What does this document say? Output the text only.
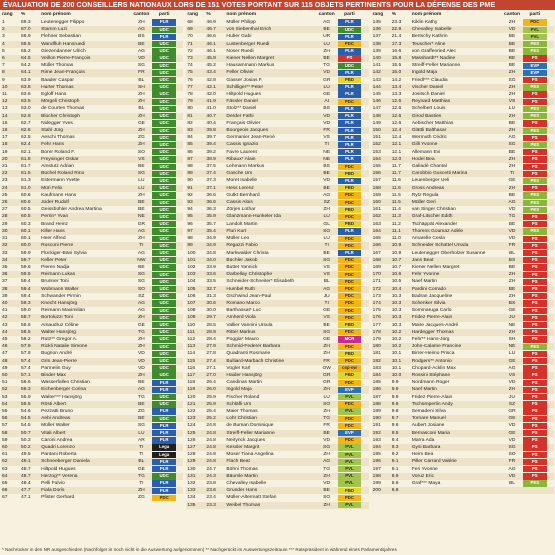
ÉVALUATION DE 200 CONSEILLERS NATIONAUX LORS DE 151 VOTES PORTANT SUR 115 OBJETS PERTINENTS POUR LA DÉFENSE DES PME
rang	%	nom prénom	canton	parti
1	69.3	Leutenegger Filippo	ZH	PLR
2	67.0	Stamm Luzi	AG	UDC
3	66.9	Flehner Sebastian	BS	PLR
4	65.5	Wandfluh Hansruedi	BE	UDC
5	65.2	Giezendanner Ulrich	AG	UDC
6	64.5	Veillon Pierre-François	VD	UDC
7	64.2	Müller Thomas	SG	UDC
8	64.1	Rime Jean-François	FR	UDC
9	63.9	Baader Caspar	BL	UDC
10	63.8	Hurter Thomas	SH	UDC
11	63.6	Egloff Hans	ZH	UDC
12	63.5	Mörgeli Christoph	ZH	UDC
13	63.0	de Courten Thomas	BL	UDC
14	62.8	Blocher Christoph	ZH	UDC
15	62.7	Nidegger Yves	GE	UDC
16	62.6	Stahl Jürg	ZH	UDC
17	62.5	Aeschi Thomas	ZG	UDC
18	62.4	Fehr Hans	ZH	UDC
19	62.1	Borer Roland F.	SO	UDC
20	61.8	Freysinger Oskar	VS	UDC
21	61.7	Amstutz Adrian	BE	UDC
22	61.5	Büchel Roland Rino	SG	UDC
23	61.3	Estermann Yvette	LU	UDC
24	61.0	Müri Felix	LU	UDC
25	60.6	Kaufmann Hans	ZH	UDC
26	60.6	Joder Rudolf	BE	UDC
27	60.5	Geissbühler Andrea Martina	BE	UDC
28	60.5	Perrin* Yvan	NE	UDC
29	60.3	Brand Heinz	GR	UDC
30	60.1	Killer Hans	AG	UDC
31	60.1	Heer Alfred	ZH	UDC
32	60.0	Rusconi Pierre	TI	UDC
33	59.9	Flückiger-Bäni Sylvia	AG	UDC
34	59.7	Keller Peter	NW	UDC
35	59.6	Pieren Nadja	BE	UDC
36	59.5	Reimann Lukas	SG	UDC
37	59.4	Brunner Toni	SG	UDC
38	59.4	Wobmann Walter	SO	UDC
39	59.4	Schwander Pirmin	SZ	UDC
40	59.3	Knecht Hansjörg	AG	UDC
41	59.0	Reimann Maximilian	AG	UDC
42	58.7	Bortoluzzi Toni	ZH	UDC
43	58.6	Amaudruz Céline	GE	UDC
44	58.5	Walter Hansjörg	TG	UDC
45	58.2	Rutz** Gregor A.	ZH	UDC
46	57.9	Rickli Natalie Simone	ZH	UDC
47	57.8	Bugnon André	VD	UDC
48	57.4	Grin Jean-Pierre	VD	UDC
49	57.4	Parmelin Guy	VD	UDC
50	57.1	Binder Max	ZH	UDC
51	56.6	Wasserfallen Christian	BE	PLR
52	56.3	Eichenberger Corina	AG	PLR
53	55.9	Walter*** Hansjörg	TG	UDC
54	55.5	Rösti Albert	BE	UDC
55	54.6	Pezzatti Bruno	ZG	PLR
56	54.5	Aebi Andreas	BE	UDC
57	54.5	Müller Walter	SG	PLR
58	50.7	Vitali Albert	LU	PLR
59	50.3	Caroni Andrea	AR	PLR
60	50.2	Quadri Lorenzo	TI	Lega
61	49.5	Pantani Roberta	TI	Lega
62	49.1	Schneeberger Daniela	BL	PLR
63	48.7	Hiltpold Hugues	GE	PLR
64	48.7	Herzog** Verena	TG	UDC
65	48.4	Pelli Fulvio	TI	PLR
66	47.7	Fiala Doris	ZH	PLR
67	47.1	Pfister Gerhard	ZG	PDC
rang	%	nom prénom	canton	parti
68	46.9	Müller Philipp	AG	PLR
69	46.7	von Siebenthal Erich	BE	UDC
70	46.6	Huber Gabi	UR	PLR
71	46.1	Lustenberger Ruedi	LU	PDC
72	46.1	Noser Ruedi	ZH	PLR
73	45.9	Kiener Nellen Margret	BE	PS
74	45.2	Hausammann Markus	TG	UDC
75	43.4	Feller Olivier	VD	PLR
76	42.8	Gasser Josias F.	GR	PBD
77	42.1	Schilliger** Peter	LU	PLR
78	42.0	Hiltpold Hugues	GE	PLR
79	41.9	Fässler Daniel	AI	PDC
80	41.0	Stolz** Daniel	BS	PLR
81	40.7	Derder Fathi	VD	PLR
82	40.4	Français Olivier	VD	PLR
83	39.8	Bourgeois Jacques	FR	PLR
84	39.7	Germanier Jean-René	VS	PLR
85	39.4	Cassis Ignazio	TI	PLR
86	39.2	Favre Laurent	NE	PLR
87	38.9	Ribaux* Alain	NE	PLR
88	37.5	Lehmann Markus	BS	PDC
89	37.4	Gasche Urs	BE	PBD
90	37.3	Moret Isabelle	VD	PLR
91	37.1	Hess Lorenz	BE	PBD
92	36.6	Gutkt Bernhard	AG	PDC
93	36.6	Cassis Alois	SZ	PDC
94	36.3	Zörjen Lothar	ZH	PBD
95	35.9	Glanzmann-Hunkeler Ida	LU	PDC
96	35.7	Landolt Martin	GL	PBD
97	35.4	Fluri Kurt	SO	PLR
98	34.9	Müller Leo	LU	PDC
99	34.9	Regazzi Fabio	TI	PDC
100	34.8	Markwalder Christa	BE	PLR
101	34.0	Büchler Jakob	SG	PDC
102	33.9	Buttet Yannick	VS	PDC
103	33.6	Darbellay Christophe	VS	PDC
104	33.5	Schneider-Schneiter* Elisabeth	BL	PDC
105	32.7	Humbel Ruth	AG	PDC
106	31.3	Gschwind Jean-Paul	JU	PDC
107	30.6	Romano Marco	TI	PDC
108	30.0	Barthassat* Luc	GE	PDC
109	29.7	Amherd Viola	VS	PDC
110	28.5	Vallier Vannini Ursula	BE	PBD
111	28.9	Ritter Markus	SG	PDC
112	28.4	Poggia* Mauro	GE	MCR
113	27.9	Schmid-Federer Barbara	ZH	PDC
114	27.8	Quadranti Rosmarie	ZH	PBD
115	27.4	Bulliard-Marbach Christine	FR	PDC
116	27.1	Vogler Karl	OW	csp-ow
117	27.0	Haider Hansjörg	GR	PBD
118	26.4	Candinas Martin	GR	PDC
119	26.0	Ingold Maja	ZH	EVP
120	25.9	Fischer Roland	LU	PVL
121	25.9	Schläfli Urs	SO	PDC
122	25.4	Maier Thomas	ZH	PVL
123	25.2	Lohr Christian	TG	PDC
124	24.8	de Buman Dominique	FR	PDC
125	24.8	Streiff-Feller Marianne	BE	EVP
126	24.8	Neirynck Jacques	VD	PDC
127	24.8	Kessler Margrit	SG	PVL
128	24.8	Moser Tiana Angelina	ZH	PVL
129	24.8	Flach Beat	AG	PVL
130	24.7	Böhni Thomas	TG	PVL
131	24.3	Bäumle Martin	ZH	PVL
132	23.8	Chevalley Isabelle	VD	PVL
133	23.6	Grunder Hans	BE	PBD
134	23.4	Müller-Altermatt Stefan	SO	PDC
135	23.3	Weibel Thomas	ZH	PVL
rang	%	nom prénom	canton	parti
135	23.3	Kiklin Kathy	ZH	PDC
136	22.9	Chevalley Isabelle	VD	PVL
137	21.4	Bertschy Kathrin	BE	PVL
138	17.3	Teuscher* Aline	BE	PES
139	16.6	von Graffenried Alec	BE	PES
140	15.8	Masshardt** Nadine	BE	PS
141	15.5	Streiff-Feller Marianne	BE	EVP
142	15.0	Ingold Maja	ZH	EVP
143	14.2	Friedl*** Claudia	SG	PS
144	13.4	Vischer Daniel	ZH	PES
145	13.3	Jositsch Daniel	ZH	PS
146	12.6	Reynard Matthias	VS	PS
147	12.6	Schelbert Louis	LU	PES
148	12.6	Girod Bastien	ZH	PES
149	12.6	Aebischer Matthias	BE	PS
150	12.4	Glättli Balthasar	ZH	PES
151	12.4	Wermuth Cédric	AG	PS
152	12.1	Gilli Yvonne	SG	PES
153	12.1	Allemann Evi	BE	PS
154	12.0	Hodel Bea	ZH	PS
155	11.7	Galladé Chantal	ZH	PS
156	11.7	Carobbio Guscetti Marina	TI	PS
157	11.6	Leuenberger Ueli	GE	PES
158	11.6	Gross Andreas	ZH	PS
159	11.5	Rytz Regula	BE	PES
160	11.5	Müller Geri	AG	PES
161	11.4	van Singer Christian	VD	PES
162	11.3	Graf-Litscher Edith	TG	PS
163	11.2	Tschäppät Alexander	BE	PS
164	11.1	Thorens Goumaz Adèle	VD	PES
165	11.0	Amarelle Cesla	VD	PS
166	10.9	Schneider Schüttel Ursula	FR	PS
167	10.9	Leutenegger Oberholzer Susanne	BL	PS
168	10.7	Jans Beat	BS	PS
169	10.7	Kiener Nellen Margret	BE	PS
170	10.6	Fehr Yvonne	ZH	PS
171	10.5	Naef Martin	ZH	PS
172	10.4	Pardini Corrado	BE	PS
173	10.3	Badran Jacqueline	ZH	PS
174	10.3	Schenker Silvia	BS	PS
175	10.3	Sommaruga Carlo	GE	PS
176	10.3	Fridez Pierre-Alain	JU	PS
177	10.3	Maire Jacques-André	NE	PS
178	10.2	Hardegger Thomas	ZH	PS
179	10.2	Fehr** Hans-Jürg	SH	PS
180	10.2	John-Calame Francine	NE	PES
181	10.1	Birrer-Heimo Prisca	LU	PS
182	10.1	Rodgers** Antonio	GE	PS
183	10.1	Chopard-Acklin Max	AG	PS
184	10.0	Rossini Stéphane	VS	PS
185	9.9	Nordmann Roger	VD	PS
186	9.9	Naef Martin	ZH	PS
187	9.9	Fridez Pierre-Alain	JU	PS
188	9.8	Tschümperlin Andy	SZ	PS
189	9.8	Semadeni Silva	GR	PS
190	9.7	Tornare Manuel	GE	PS
191	9.6	Aubert Josiane	VD	PS
192	9.5	Bernasconi Maria	GE	PS
193	9.4	Marra Ada	VD	PS
194	9.3	Gysi Barbara	SG	PS
195	9.2	Heim Bea	SO	PS
196	9.1	Piller Carrard Valérie	FR	PS
197	9.1	Feri Yvonne	AG	PS
198	8.9	Voruz Eric	VD	PS
199	8.6	Graf*** Maya	BL	PES
200	6.8
* Nachrücker in den NR ausgeschieden (Nachfolger:in noch nicht in die Auswertung aufgenommen) ** Nachgerückt im Auswertungszeitraum *** Ratspräsident in während eines Parlamentsjahres
